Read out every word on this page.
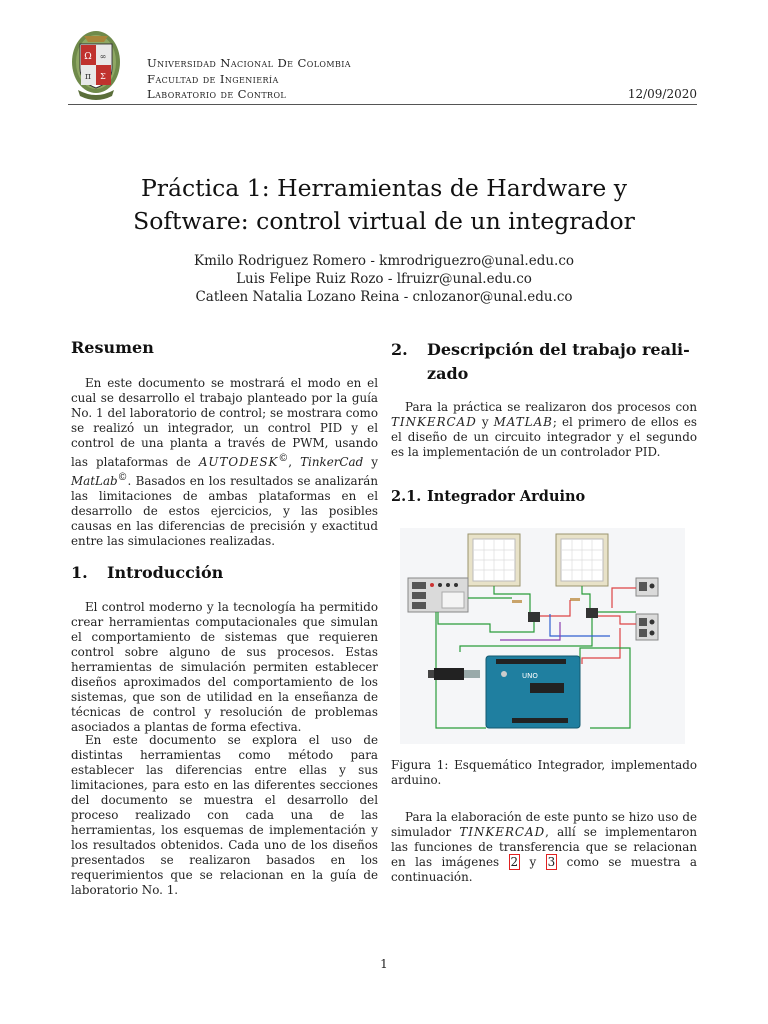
Ω ∞
π Σ
Universidad Nacional De Colombia
Facultad de Ingeniería
Laboratorio de Control	12/09/2020
Práctica 1: Herramientas de Hardware y
Software: control virtual de un integrador
Kmilo Rodriguez Romero - kmrodriguezro@unal.edu.co
Luis Felipe Ruiz Rozo - lfruizr@unal.edu.co
Catleen Natalia Lozano Reina - cnlozanor@unal.edu.co
Resumen
En este documento se mostrará el modo en el cual se desarrollo el trabajo planteado por la guía No. 1 del laboratorio de control; se mostrara como se realizó un integrador, un control PID y el control de una planta a través de PWM, usando las plataformas de AUTODESK©, TinkerCad y MatLab©. Basados en los resultados se analizarán las limitaciones de ambas plataformas en el desarrollo de estos ejercicios, y las posibles causas en las diferencias de precisión y exactitud entre las simulaciones realizadas.
1. Introducción
El control moderno y la tecnología ha permitido crear herramientas computacionales que simulan el comportamiento de sistemas que requieren control sobre alguno de sus procesos. Estas herramientas de simulación permiten establecer diseños aproximados del comportamiento de los sistemas, que son de utilidad en la enseñanza de técnicas de control y resolución de problemas asociados a plantas de forma efectiva.
En este documento se explora el uso de distintas herramientas como método para establecer las diferencias entre ellas y sus limitaciones, para esto en las diferentes secciones del documento se muestra el desarrollo del proceso realizado con cada una de las herramientas, los esquemas de implementación y los resultados obtenidos. Cada uno de los diseños presentados se realizaron basados en los requerimientos que se relacionan en la guía de laboratorio No. 1.
2. Descripción del trabajo reali-
zado
Para la práctica se realizaron dos procesos con TINKERCAD y MATLAB; el primero de ellos es el diseño de un circuito integrador y el segundo es la implementación de un controlador PID.
2.1. Integrador Arduino
UNO
Figura 1: Esquemático Integrador, implementado arduino.
Para la elaboración de este punto se hizo uso de simulador TINKERCAD, allí se implementaron las funciones de transferencia que se relacionan en las imágenes 2 y 3 como se muestra a continuación.
1
